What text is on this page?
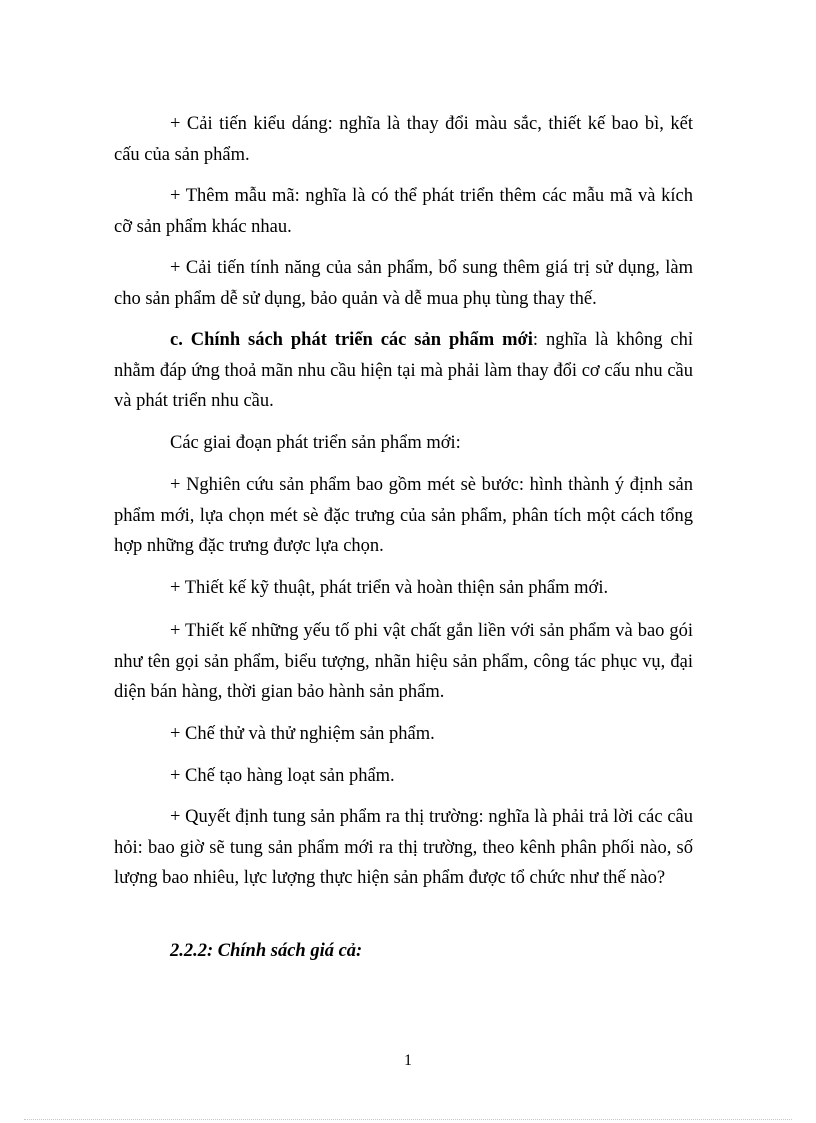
+ Cải tiến kiểu dáng: nghĩa là thay đổi màu sắc, thiết kế bao bì, kết cấu của sản phẩm.

+ Thêm mẫu mã: nghĩa là có thể phát triển thêm các mẫu mã và kích cỡ sản phẩm khác nhau.

+ Cải tiến tính năng của sản phẩm, bổ sung thêm giá trị sử dụng, làm cho sản phẩm dễ sử dụng, bảo quản và dễ mua phụ tùng thay thế.

c. Chính sách phát triển các sản phẩm mới: nghĩa là không chỉ nhằm đáp ứng thoả mãn nhu cầu hiện tại mà phải làm thay đổi cơ cấu nhu cầu và phát triển nhu cầu.

Các giai đoạn phát triển sản phẩm mới:

+ Nghiên cứu sản phẩm bao gồm mét sè bước: hình thành ý định sản phẩm mới, lựa chọn mét sè đặc trưng của sản phẩm, phân tích một cách tổng hợp những đặc trưng được lựa chọn.

+ Thiết kế kỹ thuật, phát triển và hoàn thiện sản phẩm mới.

+ Thiết kế những yếu tố phi vật chất gắn liền với sản phẩm và bao gói như tên gọi sản phẩm, biểu tượng, nhãn hiệu sản phẩm, công tác phục vụ, đại diện bán hàng, thời gian bảo hành sản phẩm.

+ Chế thử và thử nghiệm sản phẩm.

+ Chế tạo hàng loạt sản phẩm.

+ Quyết định tung sản phẩm ra thị trường: nghĩa là phải trả lời các câu hỏi: bao giờ sẽ tung sản phẩm mới ra thị trường, theo kênh phân phối nào, số lượng bao nhiêu, lực lượng thực hiện sản phẩm được tổ chức như thế nào?

2.2.2: Chính sách giá cả:

1
